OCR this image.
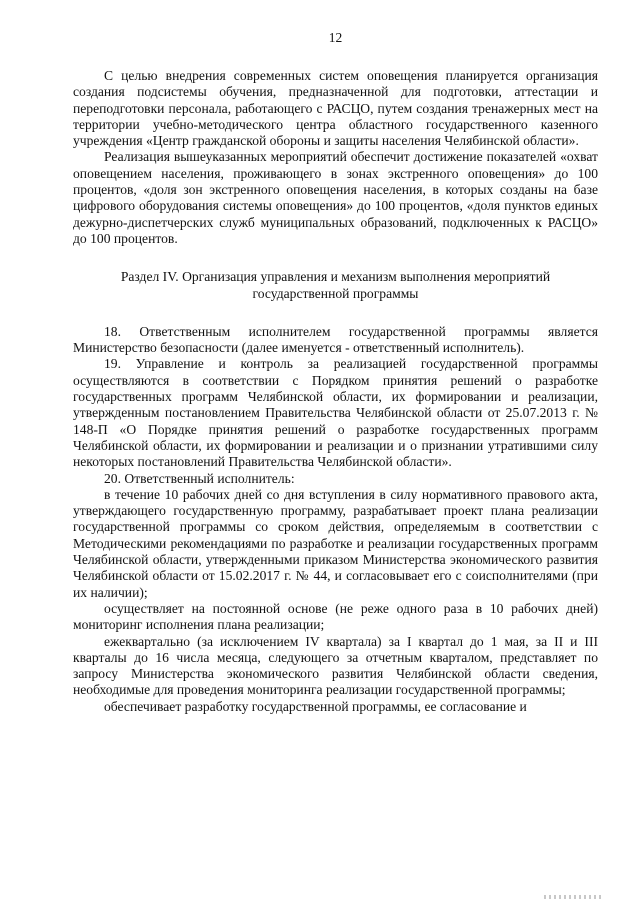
12

С целью внедрения современных систем оповещения планируется организация создания подсистемы обучения, предназначенной для подготовки, аттестации и переподготовки персонала, работающего с РАСЦО, путем создания тренажерных мест на территории учебно-методического центра областного государственного казенного учреждения «Центр гражданской обороны и защиты населения Челябинской области».

Реализация вышеуказанных мероприятий обеспечит достижение показателей «охват оповещением населения, проживающего в зонах экстренного оповещения» до 100 процентов, «доля зон экстренного оповещения населения, в которых созданы на базе цифрового оборудования системы оповещения» до 100 процентов, «доля пунктов единых дежурно-диспетчерских служб муниципальных образований, подключенных к РАСЦО» до 100 процентов.

Раздел IV. Организация управления и механизм выполнения мероприятий
государственной программы

18. Ответственным исполнителем государственной программы является Министерство безопасности (далее именуется - ответственный исполнитель).

19. Управление и контроль за реализацией государственной программы осуществляются в соответствии с Порядком принятия решений о разработке государственных программ Челябинской области, их формировании и реализации, утвержденным постановлением Правительства Челябинской области от 25.07.2013 г. № 148-П «О Порядке принятия решений о разработке государственных программ Челябинской области, их формировании и реализации и о признании утратившими силу некоторых постановлений Правительства Челябинской области».

20. Ответственный исполнитель:

в течение 10 рабочих дней со дня вступления в силу нормативного правового акта, утверждающего государственную программу, разрабатывает проект плана реализации государственной программы со сроком действия, определяемым в соответствии с Методическими рекомендациями по разработке и реализации государственных программ Челябинской области, утвержденными приказом Министерства экономического развития Челябинской области от 15.02.2017 г. № 44, и согласовывает его с соисполнителями (при их наличии);

осуществляет на постоянной основе (не реже одного раза в 10 рабочих дней) мониторинг исполнения плана реализации;

ежеквартально (за исключением IV квартала) за I квартал до 1 мая, за II и III кварталы до 16 числа месяца, следующего за отчетным кварталом, представляет по запросу Министерства экономического развития Челябинской области сведения, необходимые для проведения мониторинга реализации государственной программы;

обеспечивает разработку государственной программы, ее согласование и
